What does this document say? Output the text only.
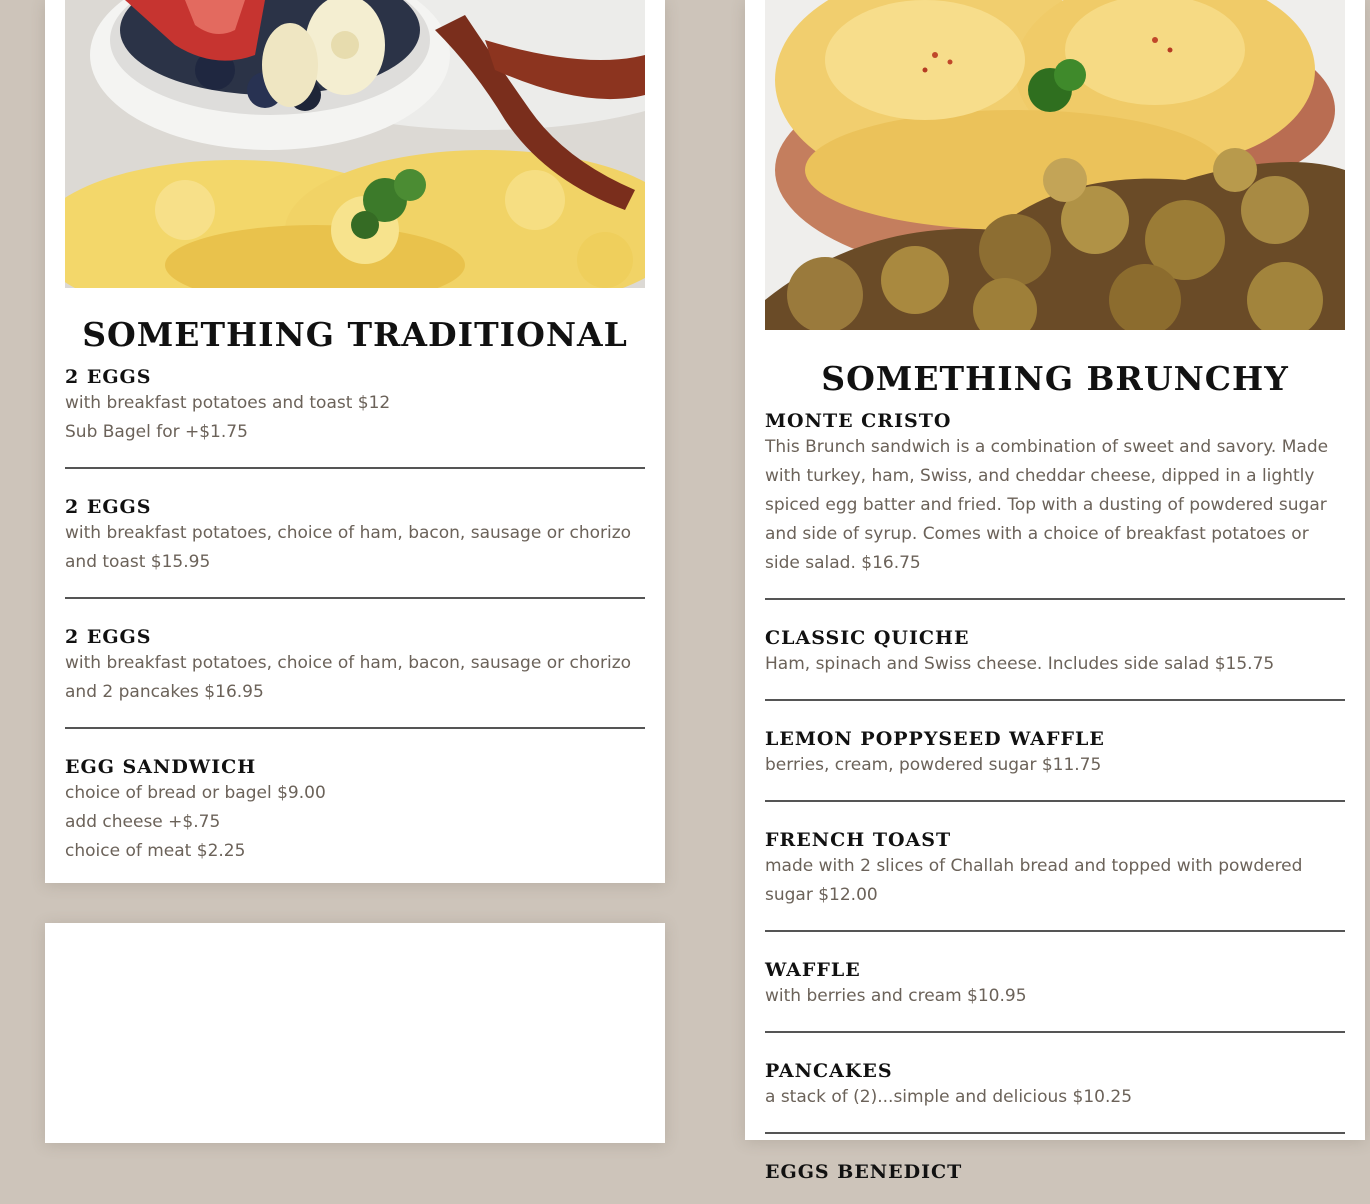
SOMETHING TRADITIONAL
2 EGGS

with breakfast potatoes and toast $12

Sub Bagel for +$1.75

2 EGGS

with breakfast potatoes, choice of ham, bacon, sausage or chorizo and toast $15.95

2 EGGS

with breakfast potatoes, choice of ham, bacon, sausage or chorizo and 2 pancakes $16.95

EGG SANDWICH

choice of bread or bagel $9.00

add cheese +$.75

choice of meat $2.25

SOMETHING BRUNCHY
MONTE CRISTO

This Brunch sandwich is a combination of sweet and savory. Made with turkey, ham, Swiss, and cheddar cheese, dipped in a lightly spiced egg batter and fried. Top with a dusting of powdered sugar and side of syrup. Comes with a choice of breakfast potatoes or side salad. $16.75

CLASSIC QUICHE

Ham, spinach and Swiss cheese. Includes side salad $15.75

LEMON POPPYSEED WAFFLE

berries, cream, powdered sugar $11.75

FRENCH TOAST

made with 2 slices of Challah bread and topped with powdered sugar $12.00

WAFFLE

with berries and cream $10.95

PANCAKES

a stack of (2)...simple and delicious $10.25

EGGS BENEDICT
